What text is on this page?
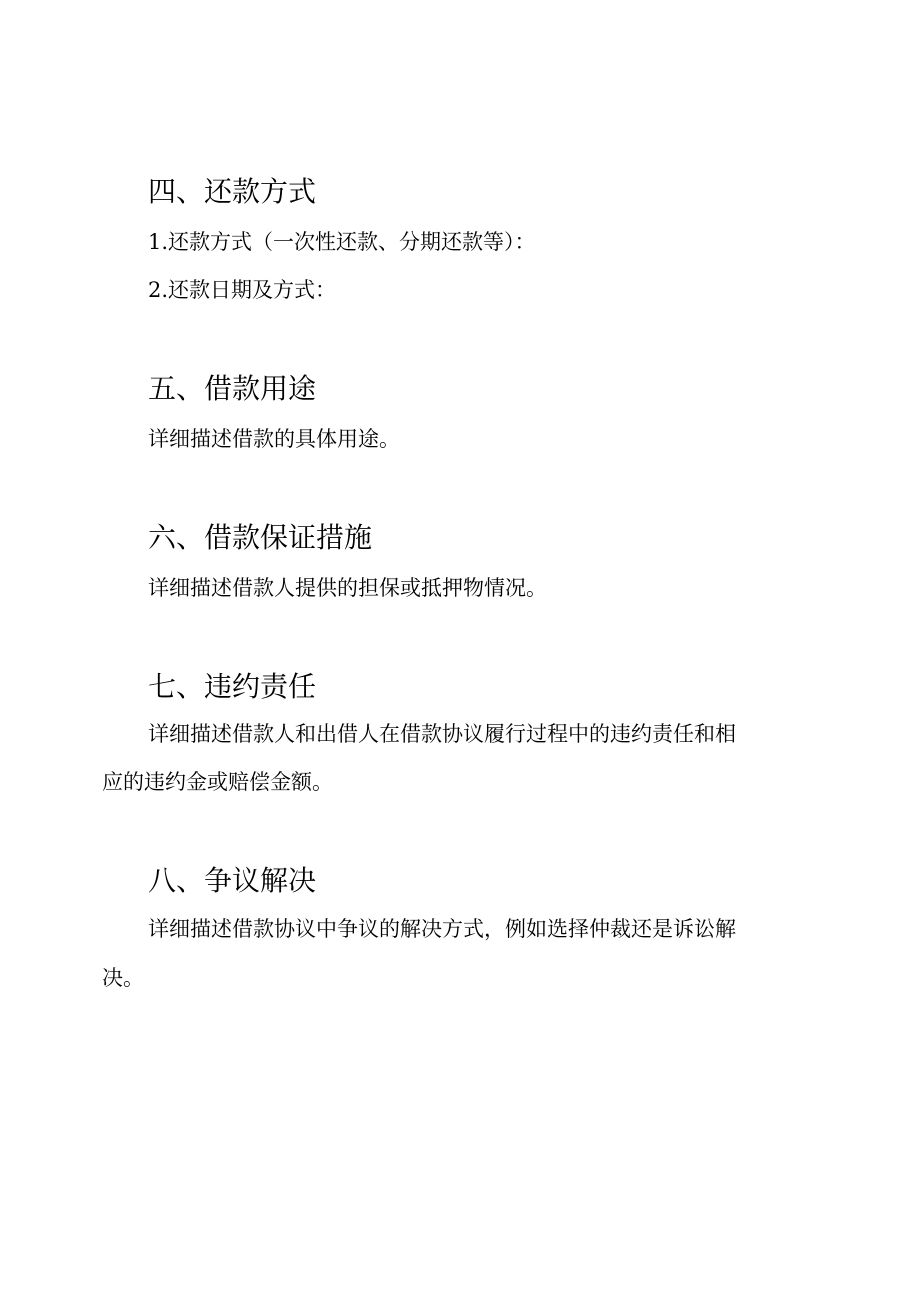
四、还款方式

1.还款方式（一次性还款、分期还款等）：

2.还款日期及方式：

五、借款用途

详细描述借款的具体用途。

六、借款保证措施

详细描述借款人提供的担保或抵押物情况。

七、违约责任

详细描述借款人和出借人在借款协议履行过程中的违约责任和相

应的违约金或赔偿金额。

八、争议解决

详细描述借款协议中争议的解决方式，例如选择仲裁还是诉讼解

决。
